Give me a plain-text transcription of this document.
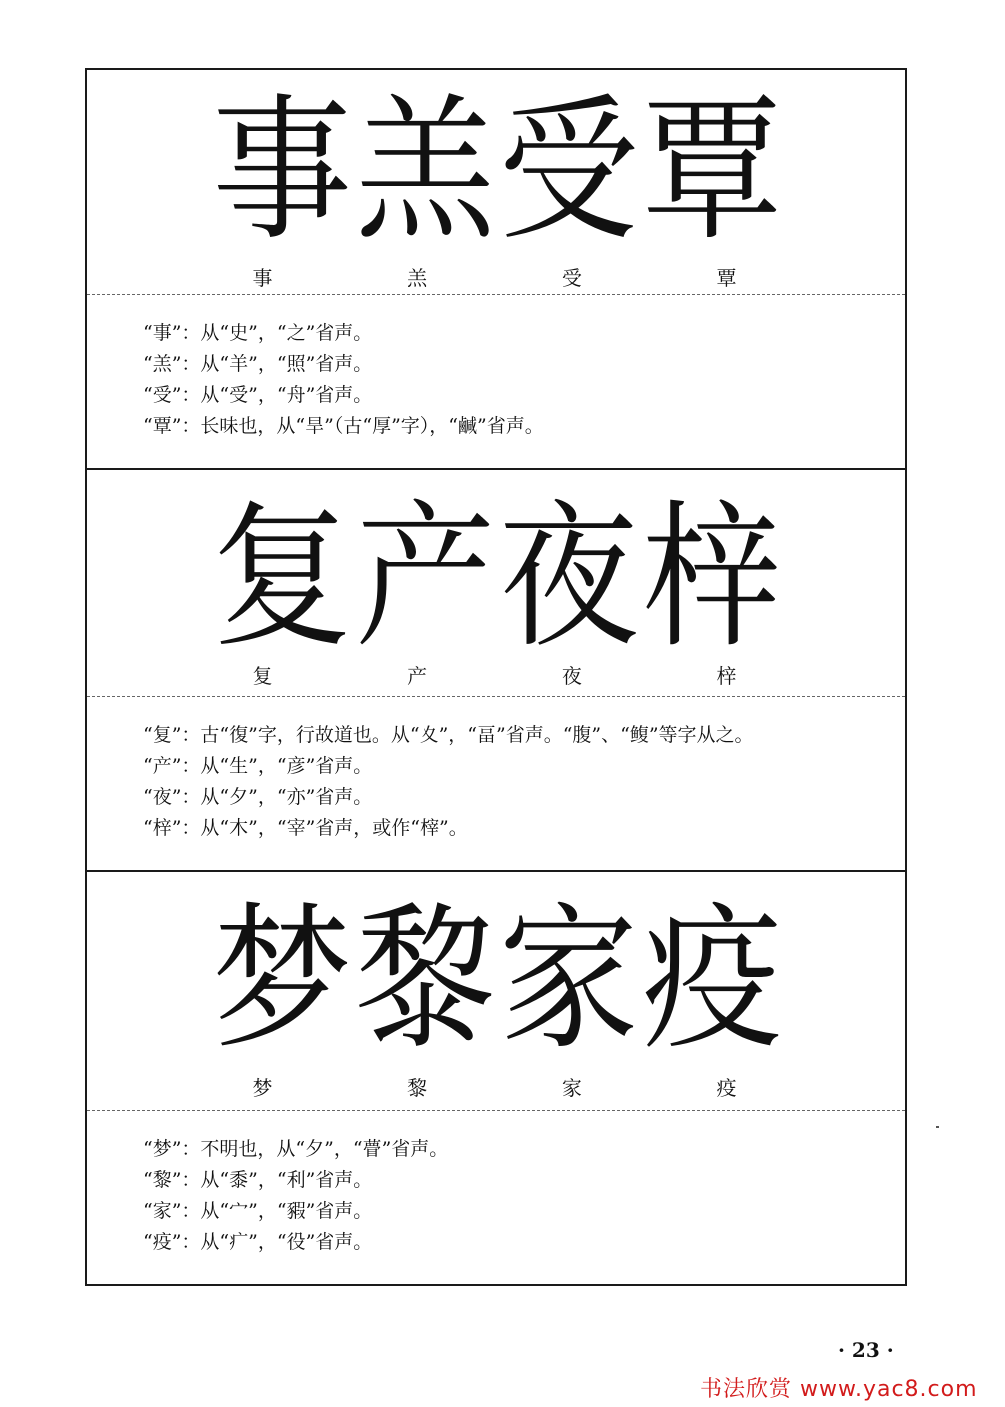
事 羔 受 覃
事	羔	受	覃
“事”：从“史”，“之”省声。
“羔”：从“羊”，“照”省声。
“受”：从“受”，“舟”省声。
“覃”：长味也，从“旱”（古“厚”字），“鹹”省声。
复 产 夜 梓
复	产	夜	梓
“复”：古“復”字，行故道也。从“夊”，“畐”省声。“腹”、“鳆”等字从之。
“产”：从“生”，“彦”省声。
“夜”：从“夕”，“亦”省声。
“梓”：从“木”，“宰”省声，或作“榟”。
梦 黎 家 疫
梦	黎	家	疫
“梦”：不明也，从“夕”，“瞢”省声。
“黎”：从“黍”，“利”省声。
“家”：从“宀”，“豭”省声。
“疫”：从“疒”，“役”省声。
· 23 ·
书法欣赏 www.yac8.com
